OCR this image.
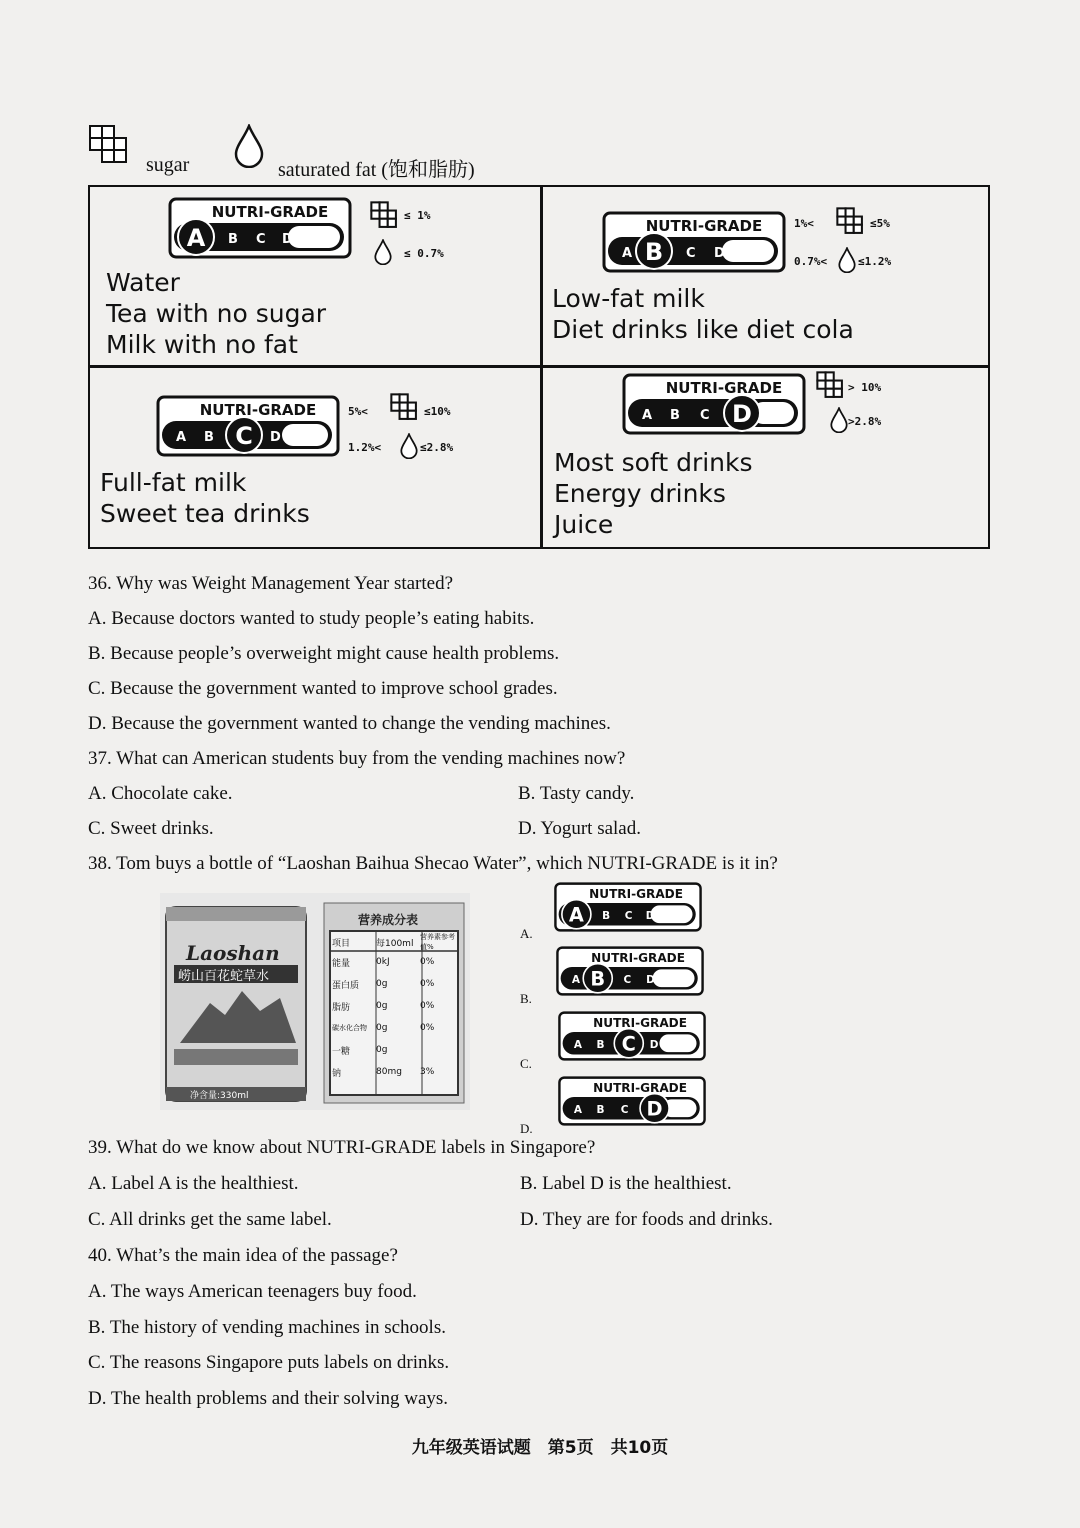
sugar	saturated fat (饱和脂肪)
A B C D
NUTRI-GRADE	≤ 1%
≤ 0.7%
Water
Tea with no sugar
Milk with no fat
A B C D
NUTRI-GRADE	1%<	≤5%
0.7%<	≤1.2%
Low-fat milk
Diet drinks like diet cola
A B C D
NUTRI-GRADE	5%<	≤10%
1.2%<	≤2.8%
Full-fat milk
Sweet tea drinks
A B C D
NUTRI-GRADE	> 10%
>2.8%
Most soft drinks
Energy drinks
Juice
36. Why was Weight Management Year started?
A. Because doctors wanted to study people’s eating habits.
B. Because people’s overweight might cause health problems.
C. Because the government wanted to improve school grades.
D. Because the government wanted to change the vending machines.
37. What can American students buy from the vending machines now?
A. Chocolate cake.	B. Tasty candy.
C. Sweet drinks.	D. Yogurt salad.
38. Tom buys a bottle of “Laoshan Baihua Shecao Water”, which NUTRI-GRADE is it in?
Laoshan
崂山百花蛇草水
净含量:330ml
营养成分表
项目	每100ml
营养素参考值%
能量	0kJ	0%
蛋白质	0g	0%
脂肪	0g	0%
碳水化合物	0g	0%
一糖	0g
钠	80mg	3%
A.
A B C D
NUTRI-GRADE
B.
A B C D
NUTRI-GRADE
C.
A B C D
NUTRI-GRADE
D.
A B C D
NUTRI-GRADE
39. What do we know about NUTRI-GRADE labels in Singapore?
A. Label A is the healthiest.	B. Label D is the healthiest.
C. All drinks get the same label.	D. They are for foods and drinks.
40. What’s the main idea of the passage?
A. The ways American teenagers buy food.
B. The history of vending machines in schools.
C. The reasons Singapore puts labels on drinks.
D. The health problems and their solving ways.
九年级英语试题　第5页　共10页
